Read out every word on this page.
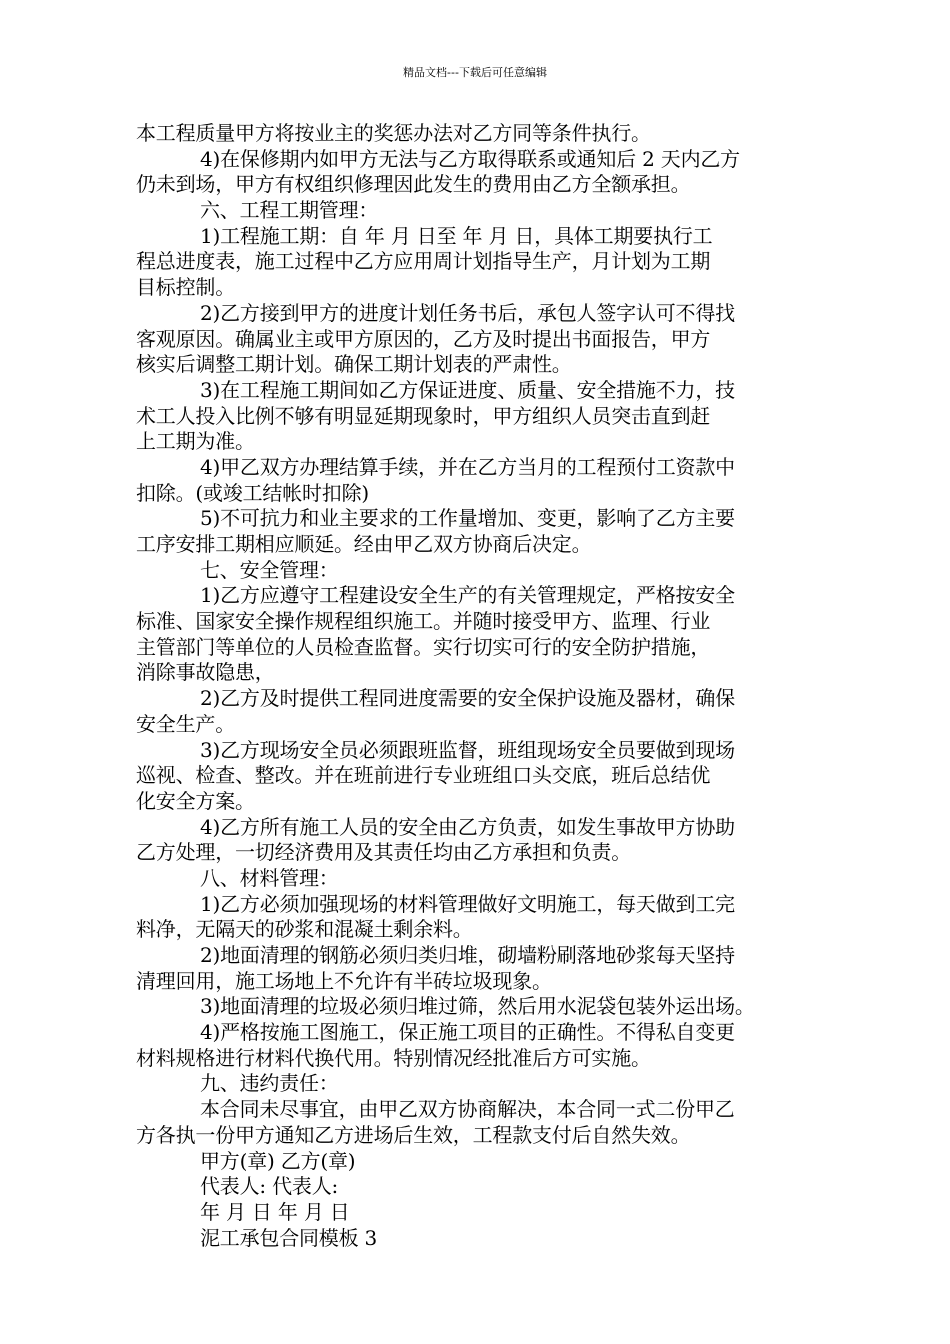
精品文档---下载后可任意编辑
本工程质量甲方将按业主的奖惩办法对乙方同等条件执行。
4)在保修期内如甲方无法与乙方取得联系或通知后 2 天内乙方
仍未到场，甲方有权组织修理因此发生的费用由乙方全额承担。
六、工程工期管理：
1)工程施工期：自 年 月 日至 年 月 日，具体工期要执行工
程总进度表，施工过程中乙方应用周计划指导生产，月计划为工期
目标控制。
2)乙方接到甲方的进度计划任务书后，承包人签字认可不得找
客观原因。确属业主或甲方原因的，乙方及时提出书面报告，甲方
核实后调整工期计划。确保工期计划表的严肃性。
3)在工程施工期间如乙方保证进度、质量、安全措施不力，技
术工人投入比例不够有明显延期现象时，甲方组织人员突击直到赶
上工期为准。
4)甲乙双方办理结算手续，并在乙方当月的工程预付工资款中
扣除。(或竣工结帐时扣除)
5)不可抗力和业主要求的工作量增加、变更，影响了乙方主要
工序安排工期相应顺延。经由甲乙双方协商后决定。
七、安全管理：
1)乙方应遵守工程建设安全生产的有关管理规定，严格按安全
标准、国家安全操作规程组织施工。并随时接受甲方、监理、行业
主管部门等单位的人员检查监督。实行切实可行的安全防护措施，
消除事故隐患，
2)乙方及时提供工程同进度需要的安全保护设施及器材，确保
安全生产。
3)乙方现场安全员必须跟班监督，班组现场安全员要做到现场
巡视、检查、整改。并在班前进行专业班组口头交底，班后总结优
化安全方案。
4)乙方所有施工人员的安全由乙方负责，如发生事故甲方协助
乙方处理，一切经济费用及其责任均由乙方承担和负责。
八、材料管理：
1)乙方必须加强现场的材料管理做好文明施工，每天做到工完
料净，无隔天的砂浆和混凝土剩余料。
2)地面清理的钢筋必须归类归堆，砌墙粉刷落地砂浆每天坚持
清理回用，施工场地上不允许有半砖垃圾现象。
3)地面清理的垃圾必须归堆过筛，然后用水泥袋包装外运出场。
4)严格按施工图施工，保正施工项目的正确性。不得私自变更
材料规格进行材料代换代用。特别情况经批准后方可实施。
九、违约责任：
本合同未尽事宜，由甲乙双方协商解决，本合同一式二份甲乙
方各执一份甲方通知乙方进场后生效，工程款支付后自然失效。
甲方(章) 乙方(章)
代表人: 代表人:
年 月 日 年 月 日
泥工承包合同模板 3
